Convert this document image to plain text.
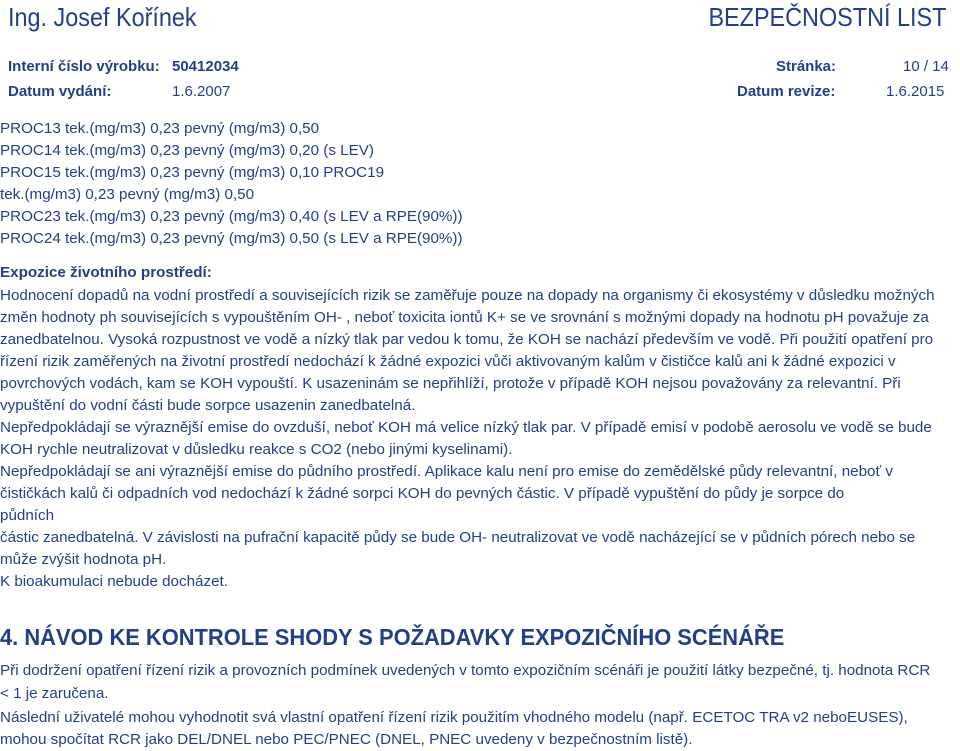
Ing. Josef Kořínek	BEZPEČNOSTNÍ LIST
Interní číslo výrobku: 50412034	Stránka:	10 / 14
Datum vydání:	1.6.2007	Datum revize:	1.6.2015
PROC13 tek.(mg/m3) 0,23 pevný (mg/m3) 0,50
PROC14 tek.(mg/m3) 0,23 pevný (mg/m3) 0,20 (s LEV)
PROC15 tek.(mg/m3) 0,23 pevný (mg/m3) 0,10 PROC19
tek.(mg/m3) 0,23 pevný (mg/m3) 0,50
PROC23 tek.(mg/m3) 0,23 pevný (mg/m3) 0,40 (s LEV a RPE(90%))
PROC24 tek.(mg/m3) 0,23 pevný (mg/m3) 0,50 (s LEV a RPE(90%))
Expozice životního prostředí:
Hodnocení dopadů na vodní prostředí a souvisejících rizik se zaměřuje pouze na dopady na organismy či ekosystémy v důsledku možných
změn hodnoty ph souvisejících s vypouštěním OH- , neboť toxicita iontů K+ se ve srovnání s možnými dopady na hodnotu pH považuje za
zanedbatelnou. Vysoká rozpustnost ve vodě a nízký tlak par vedou k tomu, že KOH se nachází především ve vodě. Při použití opatření pro
řízení rizik zaměřených na životní prostředí nedochází k žádné expozici vůči aktivovaným kalům v čističce kalů ani k žádné expozici v
povrchových vodách, kam se KOH vypouští. K usazeninám se nepřihlíží, protože v případě KOH nejsou považovány za relevantní. Při
vypuštění do vodní části bude sorpce usazenin zanedbatelná.
Nepředpokládají se výraznější emise do ovzduší, neboť KOH má velice nízký tlak par. V případě emisí v podobě aerosolu ve vodě se bude
KOH rychle neutralizovat v důsledku reakce s CO2 (nebo jinými kyselinami).
Nepředpokládají se ani výraznější emise do půdního prostředí. Aplikace kalu není pro emise do zemědělské půdy relevantní, neboť v
čističkách kalů či odpadních vod nedochází k žádné sorpci KOH do pevných částic. V případě vypuštění do půdy je sorpce do
půdních
částic zanedbatelná. V závislosti na pufrační kapacitě půdy se bude OH- neutralizovat ve vodě nacházející se v půdních pórech nebo se
může zvýšit hodnota pH.
K bioakumulaci nebude docházet.
4. NÁVOD KE KONTROLE SHODY S POŽADAVKY EXPOZIČNÍHO SCÉNÁŘE
Při dodržení opatření řízení rizik a provozních podmínek uvedených v tomto expozičním scénáři je použití látky bezpečné, tj. hodnota RCR
< 1 je zaručena.
Následní uživatelé mohou vyhodnotit svá vlastní opatření řízení rizik použitím vhodného modelu (např. ECETOC TRA v2 neboEUSES),
mohou spočítat RCR jako DEL/DNEL nebo PEC/PNEC (DNEL, PNEC uvedeny v bezpečnostním listě).
